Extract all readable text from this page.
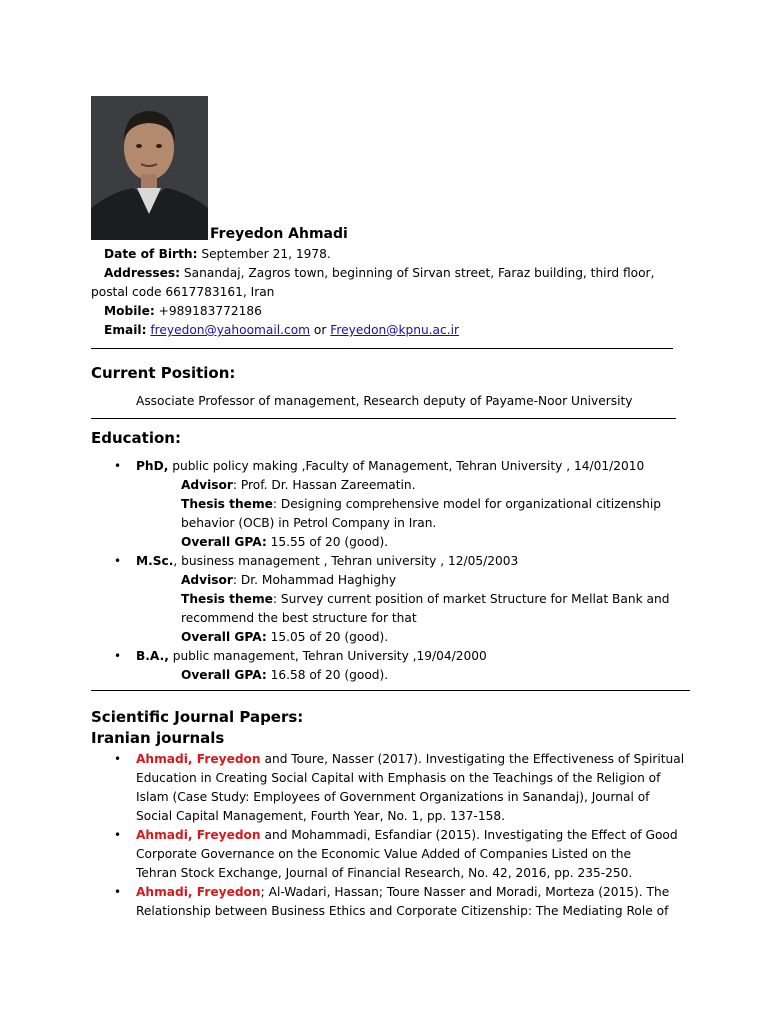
Freyedon Ahmadi
Date of Birth: September 21, 1978.
Addresses: Sanandaj, Zagros town, beginning of Sirvan street, Faraz building, third floor,
postal code 6617783161, Iran
Mobile: +989183772186
Email: freyedon@yahoomail.com or Freyedon@kpnu.ac.ir
Current Position:
Associate Professor of management, Research deputy of Payame-Noor University
Education:
• PhD, public policy making ,Faculty of Management, Tehran University , 14/01/2010
Advisor: Prof. Dr. Hassan Zareematin.
Thesis theme: Designing comprehensive model for organizational citizenship
behavior (OCB) in Petrol Company in Iran.
Overall GPA: 15.55 of 20 (good).
• M.Sc., business management , Tehran university , 12/05/2003
Advisor: Dr. Mohammad Haghighy
Thesis theme: Survey current position of market Structure for Mellat Bank and
recommend the best structure for that
Overall GPA: 15.05 of 20 (good).
• B.A., public management, Tehran University ,19/04/2000
Overall GPA: 16.58 of 20 (good).
Scientific Journal Papers:
Iranian journals
• Ahmadi, Freyedon and Toure, Nasser (2017). Investigating the Effectiveness of Spiritual
Education in Creating Social Capital with Emphasis on the Teachings of the Religion of
Islam (Case Study: Employees of Government Organizations in Sanandaj), Journal of
Social Capital Management, Fourth Year, No. 1, pp. 137-158.
• Ahmadi, Freyedon and Mohammadi, Esfandiar (2015). Investigating the Effect of Good
Corporate Governance on the Economic Value Added of Companies Listed on the
Tehran Stock Exchange, Journal of Financial Research, No. 42, 2016, pp. 235-250.
• Ahmadi, Freyedon; Al-Wadari, Hassan; Toure Nasser and Moradi, Morteza (2015). The
Relationship between Business Ethics and Corporate Citizenship: The Mediating Role of
